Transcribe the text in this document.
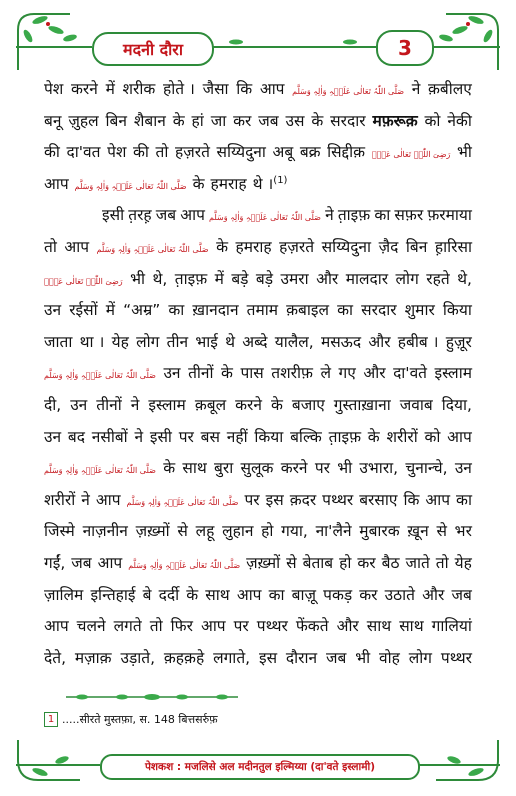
मदनी दौरा	3
पेश करने में शरीक होते । जैसा कि आप صَلَّی اللّٰہُ تَعَالٰی عَلَیۡہِ وَاٰلِہٖ وَسَلَّم ने क़बीलए
बनू ज़ुहल बिन शैबान के हां जा कर जब उस के सरदार मफ़रूक़ को नेकी
की दा'वत पेश की तो हज़रते सय्यिदुना अबू बक्र सिद्दीक़ رَضِیَ اللّٰہُ تَعَالٰی عَنۡہ भी
आप صَلَّی اللّٰہُ تَعَالٰی عَلَیۡہِ وَاٰلِہٖ وَسَلَّم के हमराह थे ।$^{(1)}$
इसी त़रह़ जब आप صَلَّی اللّٰہُ تَعَالٰی عَلَیۡہِ وَاٰلِہٖ وَسَلَّم ने त़ाइफ़ का सफ़र फ़रमाया
तो आप صَلَّی اللّٰہُ تَعَالٰی عَلَیۡہِ وَاٰلِہٖ وَسَلَّم के हमराह हज़रते सय्यिदुना ज़ैद बिन ह़ारिसा
رَضِیَ اللّٰہُ تَعَالٰی عَنۡہ भी थे, त़ाइफ़ में बड़े बड़े उमरा और मालदार लोग रहते थे,
उन रईसों में “अम्र” का ख़ानदान तमाम क़बाइल का सरदार शुमार किया
जाता था । येह लोग तीन भाई थे अब्दे यालैल, मसऊद और हबीब । हुज़ूर
صَلَّی اللّٰہُ تَعَالٰی عَلَیۡہِ وَاٰلِہٖ وَسَلَّم उन तीनों के पास तशरीफ़ ले गए और दा'वते इस्लाम
दी, उन तीनों ने इस्लाम क़बूल करने के बजाए गुस्ताख़ाना जवाब दिया,
उन बद नसीबों ने इसी पर बस नहीं किया बल्कि त़ाइफ़ के शरीरों को आप
صَلَّی اللّٰہُ تَعَالٰی عَلَیۡہِ وَاٰلِہٖ وَسَلَّم के साथ बुरा सुलूक करने पर भी उभारा, चुनान्चे, उन
शरीरों ने आप صَلَّی اللّٰہُ تَعَالٰی عَلَیۡہِ وَاٰلِہٖ وَسَلَّم पर इस क़दर पथ्थर बरसाए कि आप का
जिस्मे नाज़नीन ज़ख़्मों से लहू लुहान हो गया, ना'लैने मुबारक ख़ून से भर
गईं, जब आप صَلَّی اللّٰہُ تَعَالٰی عَلَیۡہِ وَاٰلِہٖ وَسَلَّم ज़ख़्मों से बेताब हो कर बैठ जाते तो येह
ज़ालिम इन्तिहाई बे दर्दी के साथ आप का बाज़ू पकड़ कर उठाते और जब
आप चलने लगते तो फिर आप पर पथ्थर फेंकते और साथ साथ गालियां
देते, मज़ाक़ उड़ाते, क़हक़हे लगाते, इस दौरान जब भी वोह लोग पथ्थर
1 .....सीरते मुस्तफ़ा, स. 148 बित्तसर्रुफ़
पेशकश : मजलिसे अल मदीनतुल इल्मिय्या (दा'वते इस्लामी)
